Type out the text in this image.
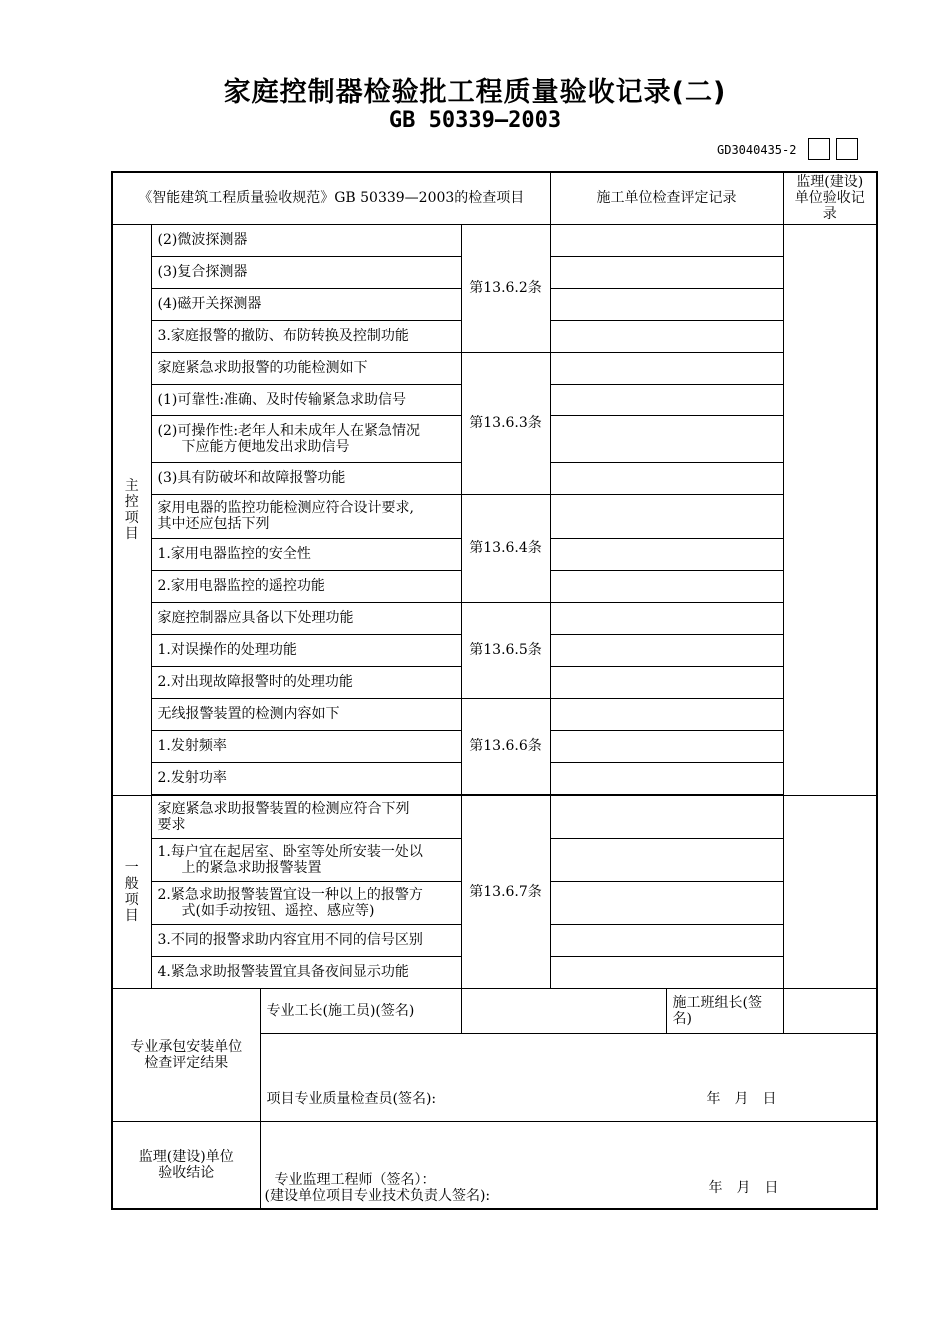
家庭控制器检验批工程质量验收记录(二)
GB 50339—2003
GD3040435-2
《智能建筑工程质量验收规范》GB 50339—2003的检查项目				施工单位检查评定记录		监理(建设)
单位验收记录
主
控
项
目	(2)微波探测器		第13.6.2条			
	(3)复合探测器					
	(4)磁开关探测器					
	3.家庭报警的撤防、布防转换及控制功能					
	家庭紧急求助报警的功能检测如下		第13.6.3条			
	(1)可靠性:准确、及时传输紧急求助信号					
	(2)可操作性:老年人和未成年人在紧急情况
下应能方便地发出求助信号					
	(3)具有防破坏和故障报警功能					
	家用电器的监控功能检测应符合设计要求,
其中还应包括下列		第13.6.4条			
	1.家用电器监控的安全性					
	2.家用电器监控的遥控功能					
	家庭控制器应具备以下处理功能		第13.6.5条			
	1.对误操作的处理功能					
	2.对出现故障报警时的处理功能					
	无线报警装置的检测内容如下		第13.6.6条			
	1.发射频率					
	2.发射功率					

一
般
项
目	家庭紧急求助报警装置的检测应符合下列
要求		第13.6.7条			
	1.每户宜在起居室、卧室等处所安装一处以
上的紧急求助报警装置					
	2.紧急求助报警装置宜设一种以上的报警方
式(如手动按钮、遥控、感应等)					
	3.不同的报警求助内容宜用不同的信号区别					
	4.紧急求助报警装置宜具备夜间显示功能					
专业承包安装单位
检查评定结果		专业工长(施工员)(签名)			施工班组长(签名)	
		项目专业质量检查员(签名): 年　月　日				

监理(建设)单位
验收结论		专业监理工程师（签名）：
(建设单位项目专业技术负责人签名): 年　月　日				
